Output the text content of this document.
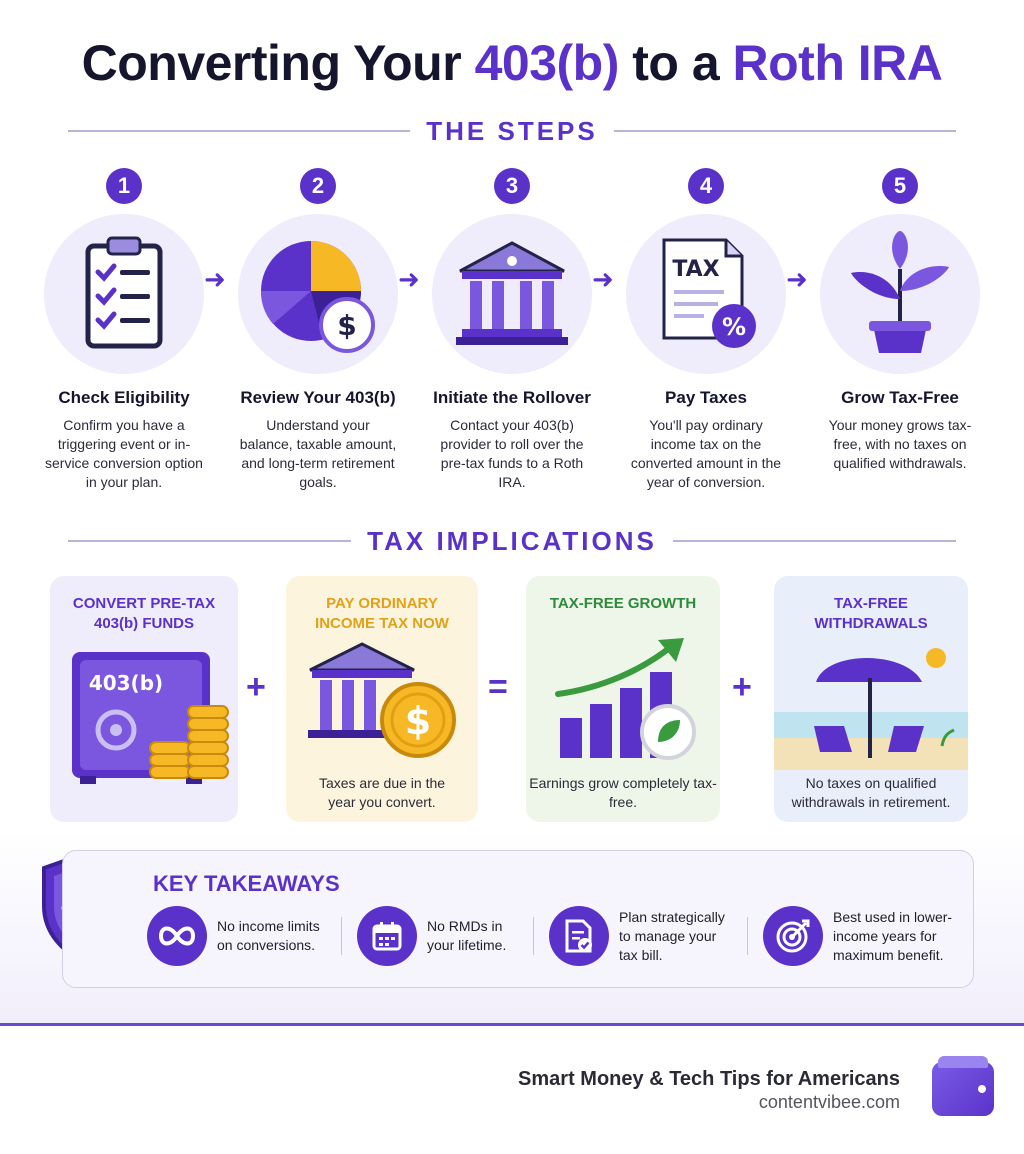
Converting Your 403(b) to a Roth IRA
THE STEPS
1
Check Eligibility
Confirm you have a triggering event or in-service conversion option in your plan.
➜
2
$
Review Your 403(b)
Understand your balance, taxable amount, and long-term retirement goals.
➜
3
Initiate the Rollover
Contact your 403(b) provider to roll over the pre-tax funds to a Roth IRA.
➜
4
TAX
%
Pay Taxes
You'll pay ordinary income tax on the converted amount in the year of conversion.
➜
5
Grow Tax-Free
Your money grows tax-free, with no taxes on qualified withdrawals.
TAX IMPLICATIONS
CONVERT PRE-TAX 403(b) FUNDS
403(b) +
PAY ORDINARY INCOME TAX NOW
$
Taxes are due in the year you convert.
=
TAX-FREE GROWTH
Earnings grow completely tax-free.
+
TAX-FREE WITHDRAWALS
No taxes on qualified withdrawals in retirement.
KEY TAKEAWAYS
No income limits
on conversions.
No RMDs in
your lifetime.
Plan strategically
to manage your
tax bill.
Best used in lower-
income years for
maximum benefit.
Smart Money & Tech Tips for Americans
contentvibee.com
